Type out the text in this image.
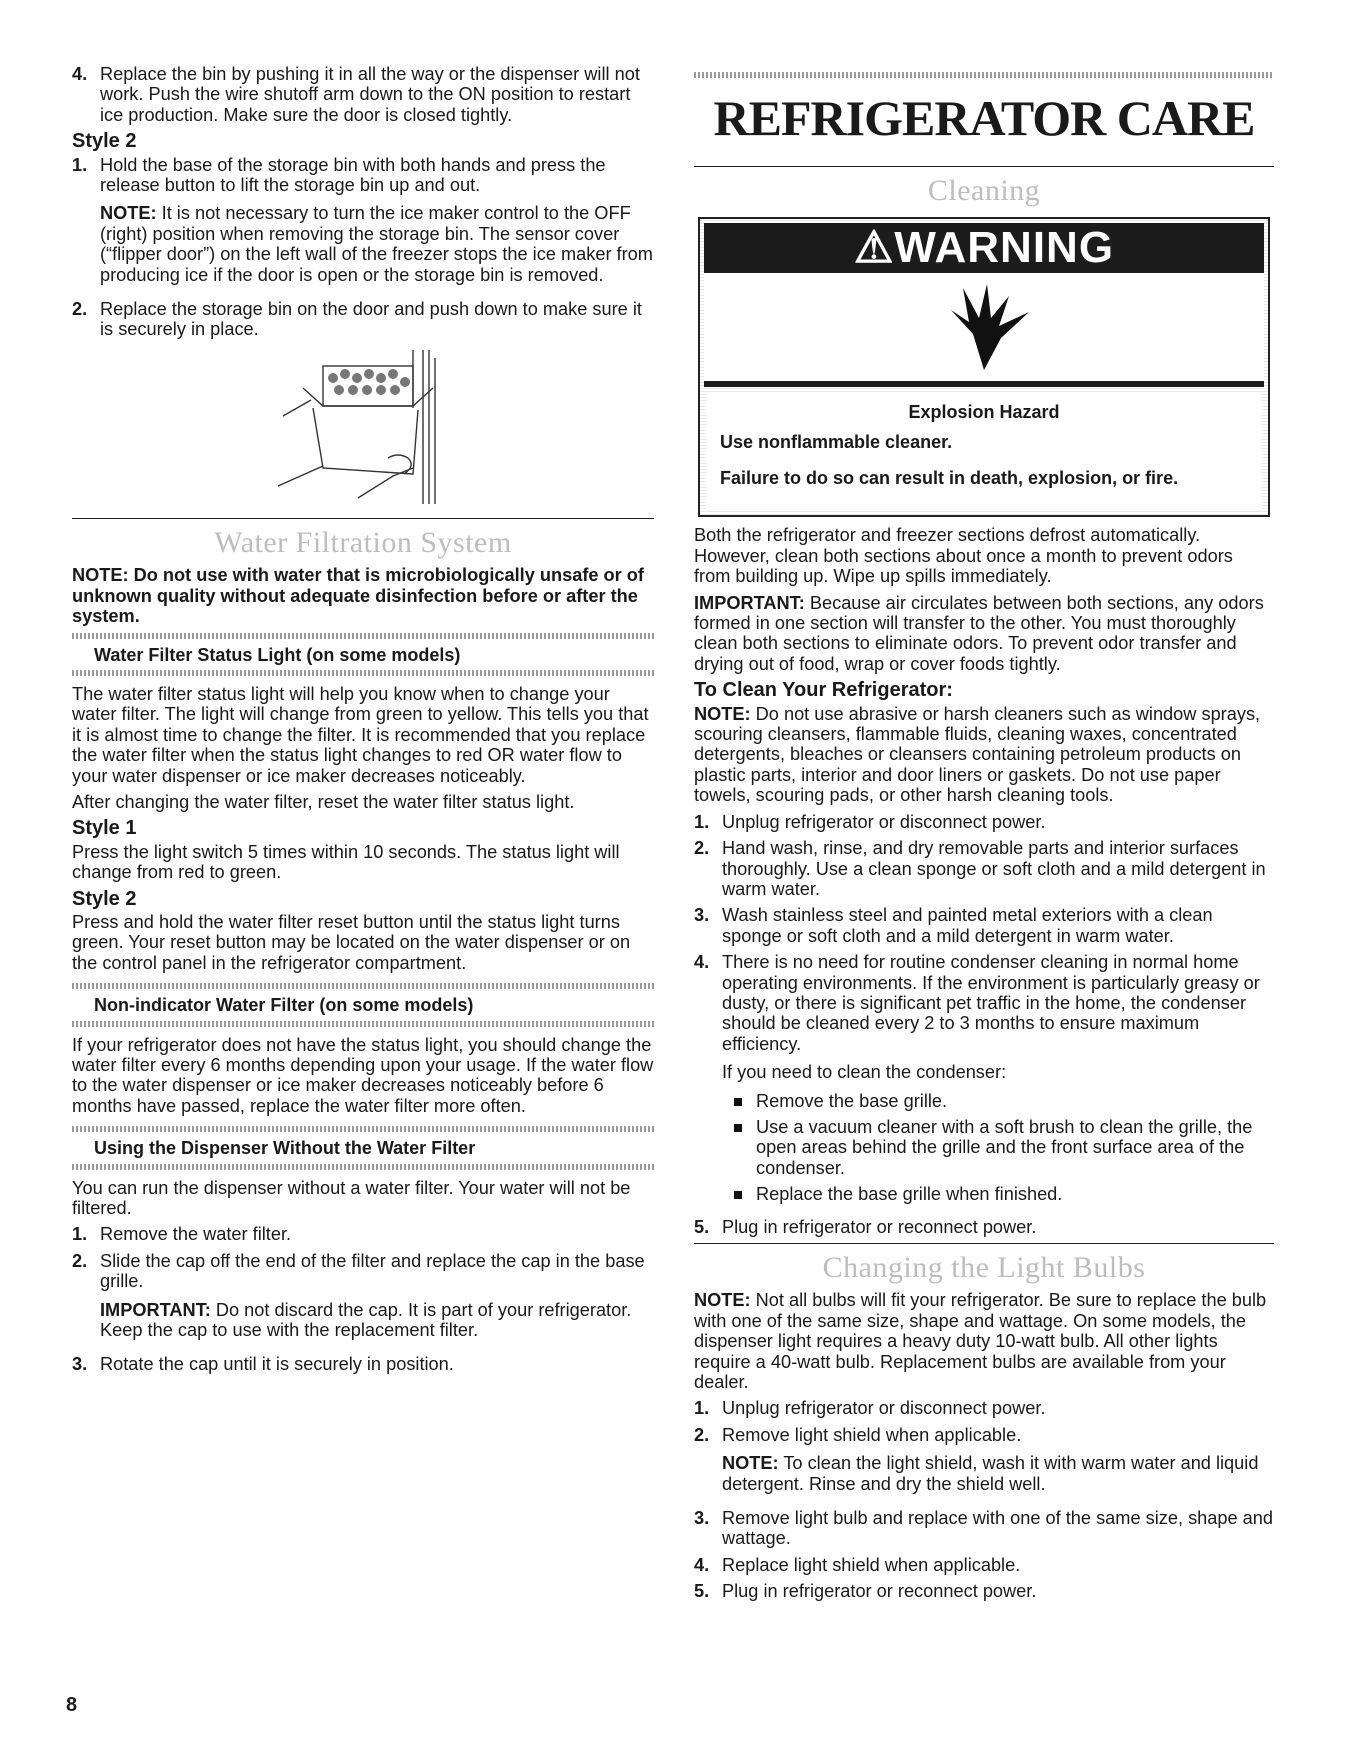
4. Replace the bin by pushing it in all the way or the dispenser will not work. Push the wire shutoff arm down to the ON position to restart ice production. Make sure the door is closed tightly.
Style 2
1. Hold the base of the storage bin with both hands and press the release button to lift the storage bin up and out.
NOTE: It is not necessary to turn the ice maker control to the OFF (right) position when removing the storage bin. The sensor cover (“flipper door”) on the left wall of the freezer stops the ice maker from producing ice if the door is open or the storage bin is removed.
2. Replace the storage bin on the door and push down to make sure it is securely in place.
Water Filtration System

NOTE: Do not use with water that is microbiologically unsafe or of unknown quality without adequate disinfection before or after the system.

Water Filter Status Light (on some models)

The water filter status light will help you know when to change your water filter. The light will change from green to yellow. This tells you that it is almost time to change the filter. It is recommended that you replace the water filter when the status light changes to red OR water flow to your water dispenser or ice maker decreases noticeably.

After changing the water filter, reset the water filter status light.

Style 1

Press the light switch 5 times within 10 seconds. The status light will change from red to green.

Style 2

Press and hold the water filter reset button until the status light turns green. Your reset button may be located on the water dispenser or on the control panel in the refrigerator compartment.

Non-indicator Water Filter (on some models)

If your refrigerator does not have the status light, you should change the water filter every 6 months depending upon your usage. If the water flow to the water dispenser or ice maker decreases noticeably before 6 months have passed, replace the water filter more often.

Using the Dispenser Without the Water Filter

You can run the dispenser without a water filter. Your water will not be filtered.

1. Remove the water filter.
2. Slide the cap off the end of the filter and replace the cap in the base grille.
IMPORTANT: Do not discard the cap. It is part of your refrigerator. Keep the cap to use with the replacement filter.
3. Rotate the cap until it is securely in position.
REFRIGERATOR CARE
Cleaning
⚠WARNING
Explosion Hazard
Use nonflammable cleaner.
Failure to do so can result in death, explosion, or fire.

Both the refrigerator and freezer sections defrost automatically. However, clean both sections about once a month to prevent odors from building up. Wipe up spills immediately.

IMPORTANT: Because air circulates between both sections, any odors formed in one section will transfer to the other. You must thoroughly clean both sections to eliminate odors. To prevent odor transfer and drying out of food, wrap or cover foods tightly.

To Clean Your Refrigerator:

NOTE: Do not use abrasive or harsh cleaners such as window sprays, scouring cleansers, flammable fluids, cleaning waxes, concentrated detergents, bleaches or cleansers containing petroleum products on plastic parts, interior and door liners or gaskets. Do not use paper towels, scouring pads, or other harsh cleaning tools.

1. Unplug refrigerator or disconnect power.
2. Hand wash, rinse, and dry removable parts and interior surfaces thoroughly. Use a clean sponge or soft cloth and a mild detergent in warm water.
3. Wash stainless steel and painted metal exteriors with a clean sponge or soft cloth and a mild detergent in warm water.
4. There is no need for routine condenser cleaning in normal home operating environments. If the environment is particularly greasy or dusty, or there is significant pet traffic in the home, the condenser should be cleaned every 2 to 3 months to ensure maximum efficiency.
If you need to clean the condenser:
Remove the base grille.
Use a vacuum cleaner with a soft brush to clean the grille, the open areas behind the grille and the front surface area of the condenser.
Replace the base grille when finished.
5. Plug in refrigerator or reconnect power.
Changing the Light Bulbs

NOTE: Not all bulbs will fit your refrigerator. Be sure to replace the bulb with one of the same size, shape and wattage. On some models, the dispenser light requires a heavy duty 10-watt bulb. All other lights require a 40-watt bulb. Replacement bulbs are available from your dealer.

1. Unplug refrigerator or disconnect power.
2. Remove light shield when applicable.
NOTE: To clean the light shield, wash it with warm water and liquid detergent. Rinse and dry the shield well.
3. Remove light bulb and replace with one of the same size, shape and wattage.
4. Replace light shield when applicable.
5. Plug in refrigerator or reconnect power.
8
